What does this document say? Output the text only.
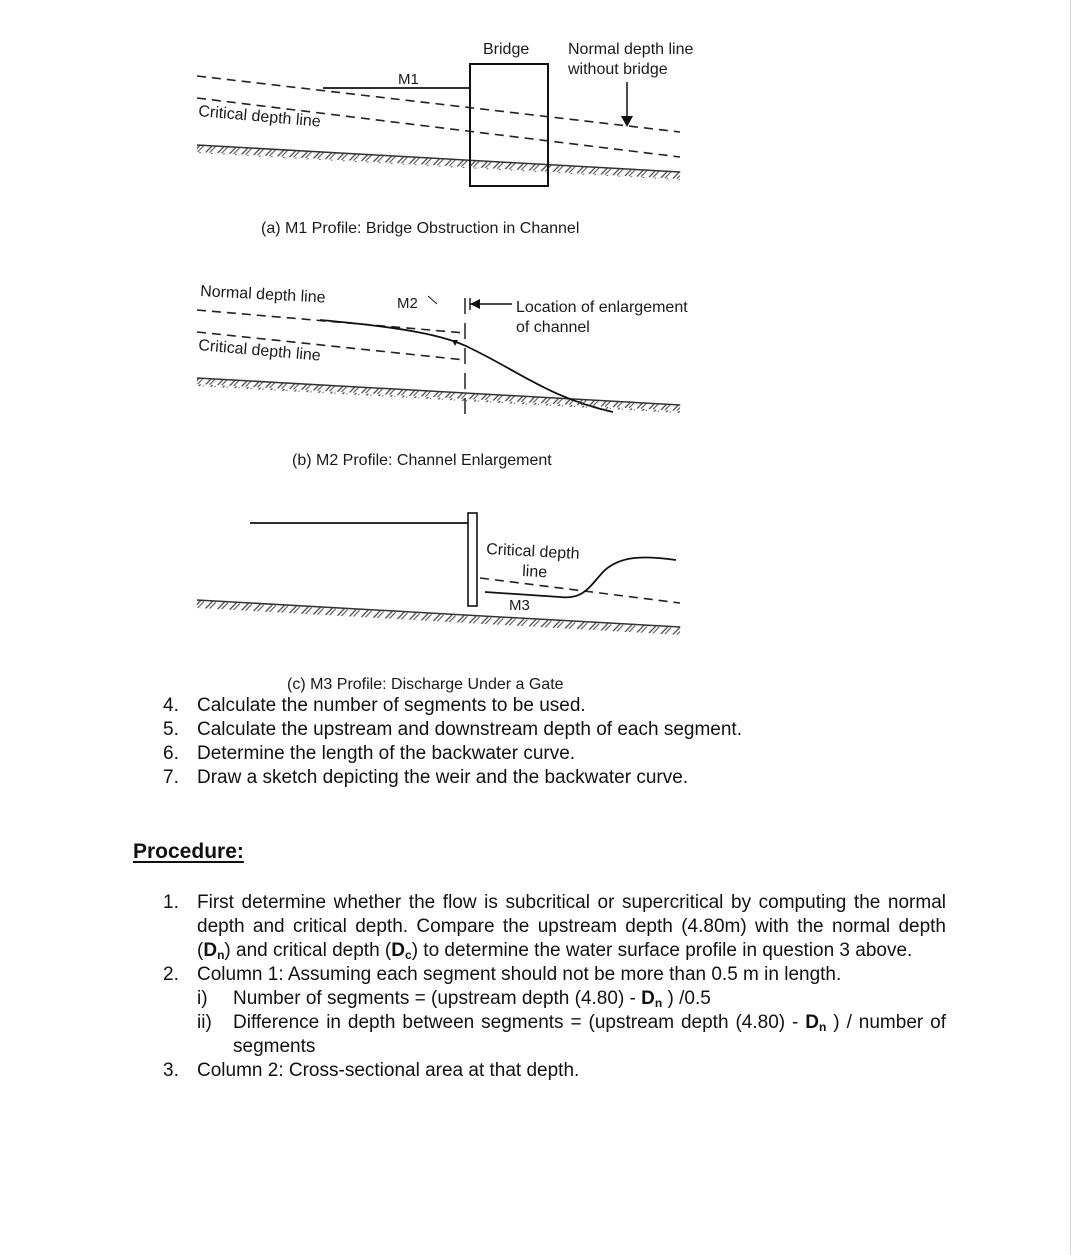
Bridge Normal depth line
without bridge
M1
Critical depth line
(a) M1 Profile: Bridge Obstruction in Channel
Normal depth line	M2	Location of enlargement
of channel
Critical depth line
(b) M2 Profile: Channel Enlargement
Critical depth
line
M3
(c) M3 Profile: Discharge Under a Gate
4. Calculate the number of segments to be used.
5. Calculate the upstream and downstream depth of each segment.
6. Determine the length of the backwater curve.
7. Draw a sketch depicting the weir and the backwater curve.
Procedure:
1. First determine whether the flow is subcritical or supercritical by computing the normal depth and critical depth. Compare the upstream depth (4.80m) with the normal depth $(D_n)$ and critical depth $(D_c)$ to determine the water surface profile in question 3 above.
2. Column 1: Assuming each segment should not be more than 0.5 m in length.
i) Number of segments = (upstream depth $(4.80) - D_n$ ) /0.5
ii) Difference in depth between segments = (upstream depth $(4.80) - D_n$ ) / number of segments
3. Column 2: Cross-sectional area at that depth.
